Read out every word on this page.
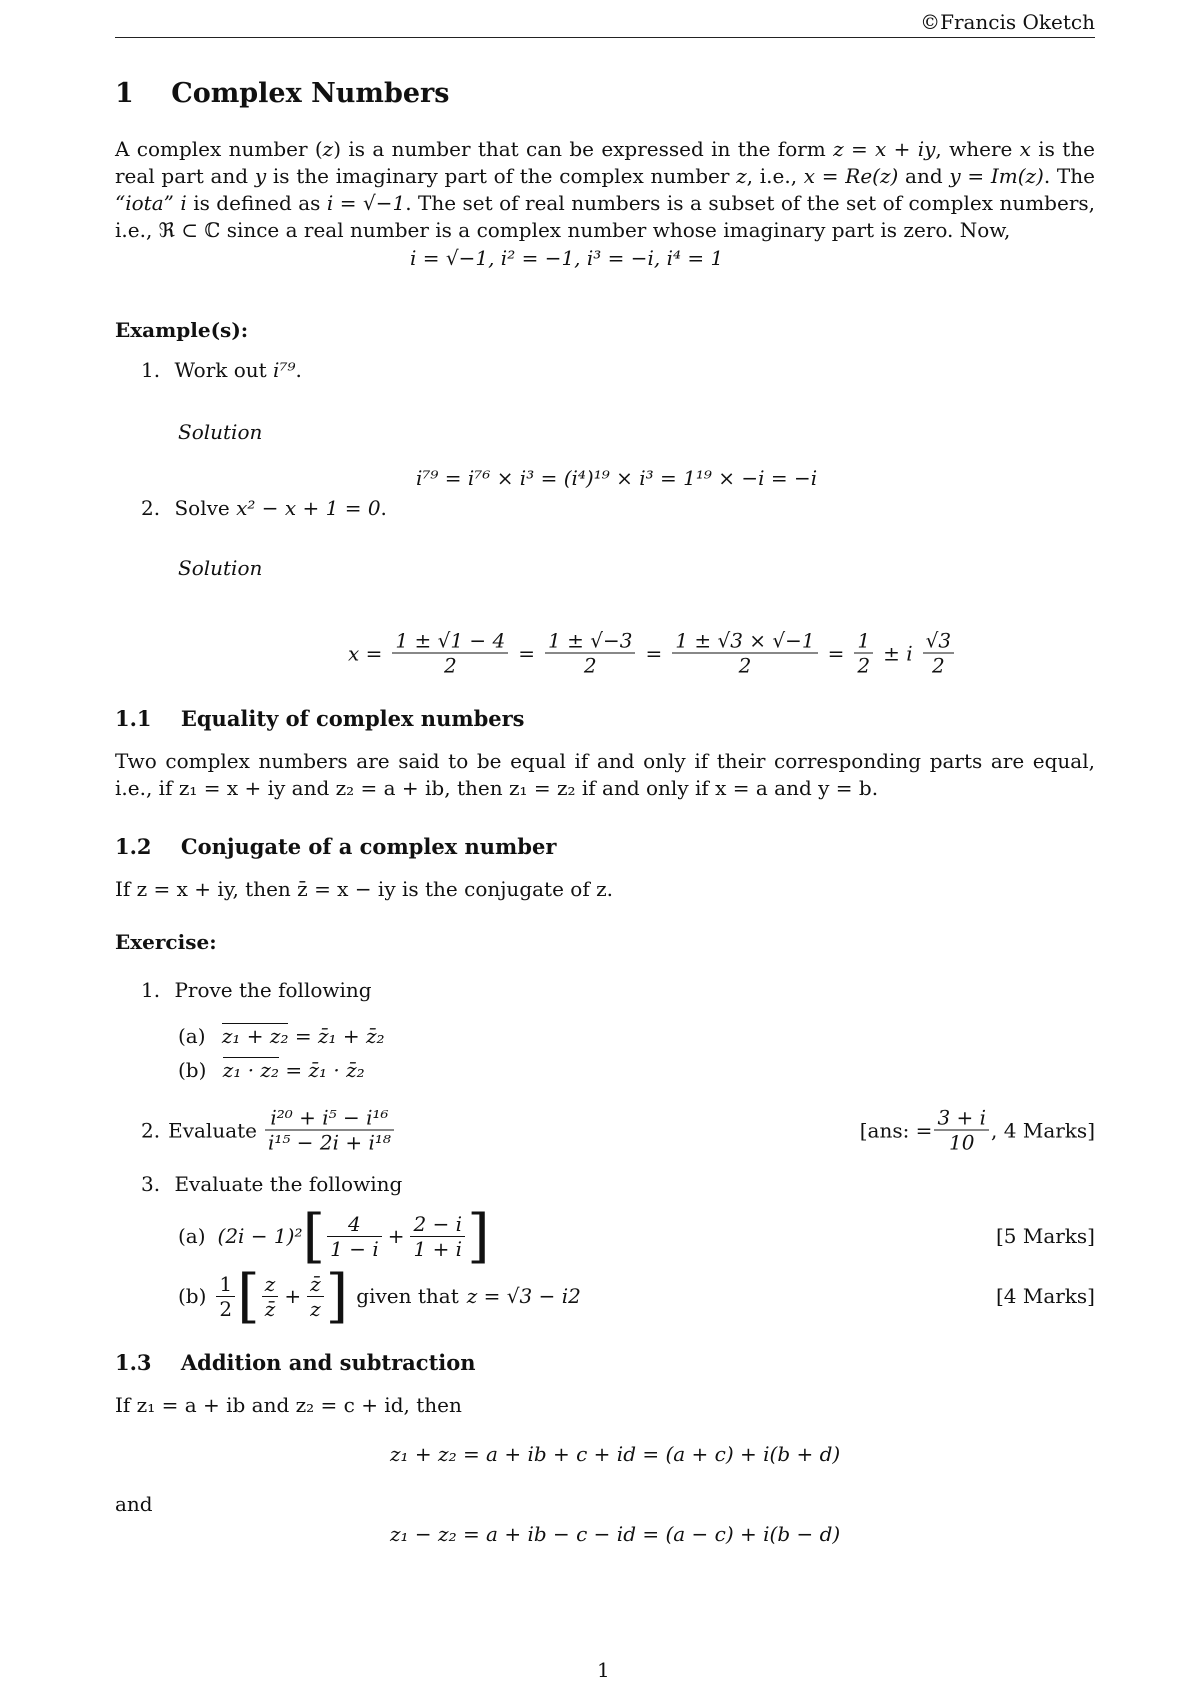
©Francis Oketch
1 Complex Numbers
A complex number (z) is a number that can be expressed in the form z = x + iy, where x is the real part and y is the imaginary part of the complex number z, i.e., x = Re(z) and y = Im(z). The “iota” i is defined as i = √−1. The set of real numbers is a subset of the set of complex numbers, i.e., ℜ ⊂ ℂ since a real number is a complex number whose imaginary part is zero. Now,
i = √−1, i² = −1, i³ = −i, i⁴ = 1
Example(s):
1. Work out i⁷⁹.
Solution
i⁷⁹ = i⁷⁶ × i³ = (i⁴)¹⁹ × i³ = 1¹⁹ × −i = −i
2. Solve x² − x + 1 = 0.
Solution
$x = \frac{1 \pm √1 - 4}{2} = \frac{1 \pm √-3}{2} = \frac{1 \pm √3 \times √-1}{2} = \frac{1}{2} \pm i \frac{√3}{2}$
1.1 Equality of complex numbers
Two complex numbers are said to be equal if and only if their corresponding parts are equal, i.e., if z₁ = x + iy and z₂ = a + ib, then z₁ = z₂ if and only if x = a and y = b.
1.2 Conjugate of a complex number
If z = x + iy, then z̄ = x − iy is the conjugate of z.
Exercise:
1. Prove the following
(a) z₁ + z₂ = z̄₁ + z̄₂
(b) z₁ · z₂ = z̄₁ · z̄₂
2. Evaluate $\frac{\text{i²⁰ + i⁵ − i¹⁶}}{\text{i¹⁵ − 2i + i¹⁸}}$	[ans: = $\frac{3 + i}{10}$ , 4 Marks]
3. Evaluate the following
(a) (2i − 1)² [ $\frac{4}{1 - i} + \frac{2 - i}{1 + i}$ ]	[5 Marks]
$(b) \frac{1}{2}$ [ $\frac{z}{z̄} + \frac{z̄}{z}$ ] given that z = √3 − i2	[4 Marks]
1.3 Addition and subtraction
If z₁ = a + ib and z₂ = c + id, then
z₁ + z₂ = a + ib + c + id = (a + c) + i(b + d)
and
z₁ − z₂ = a + ib − c − id = (a − c) + i(b − d)
1
